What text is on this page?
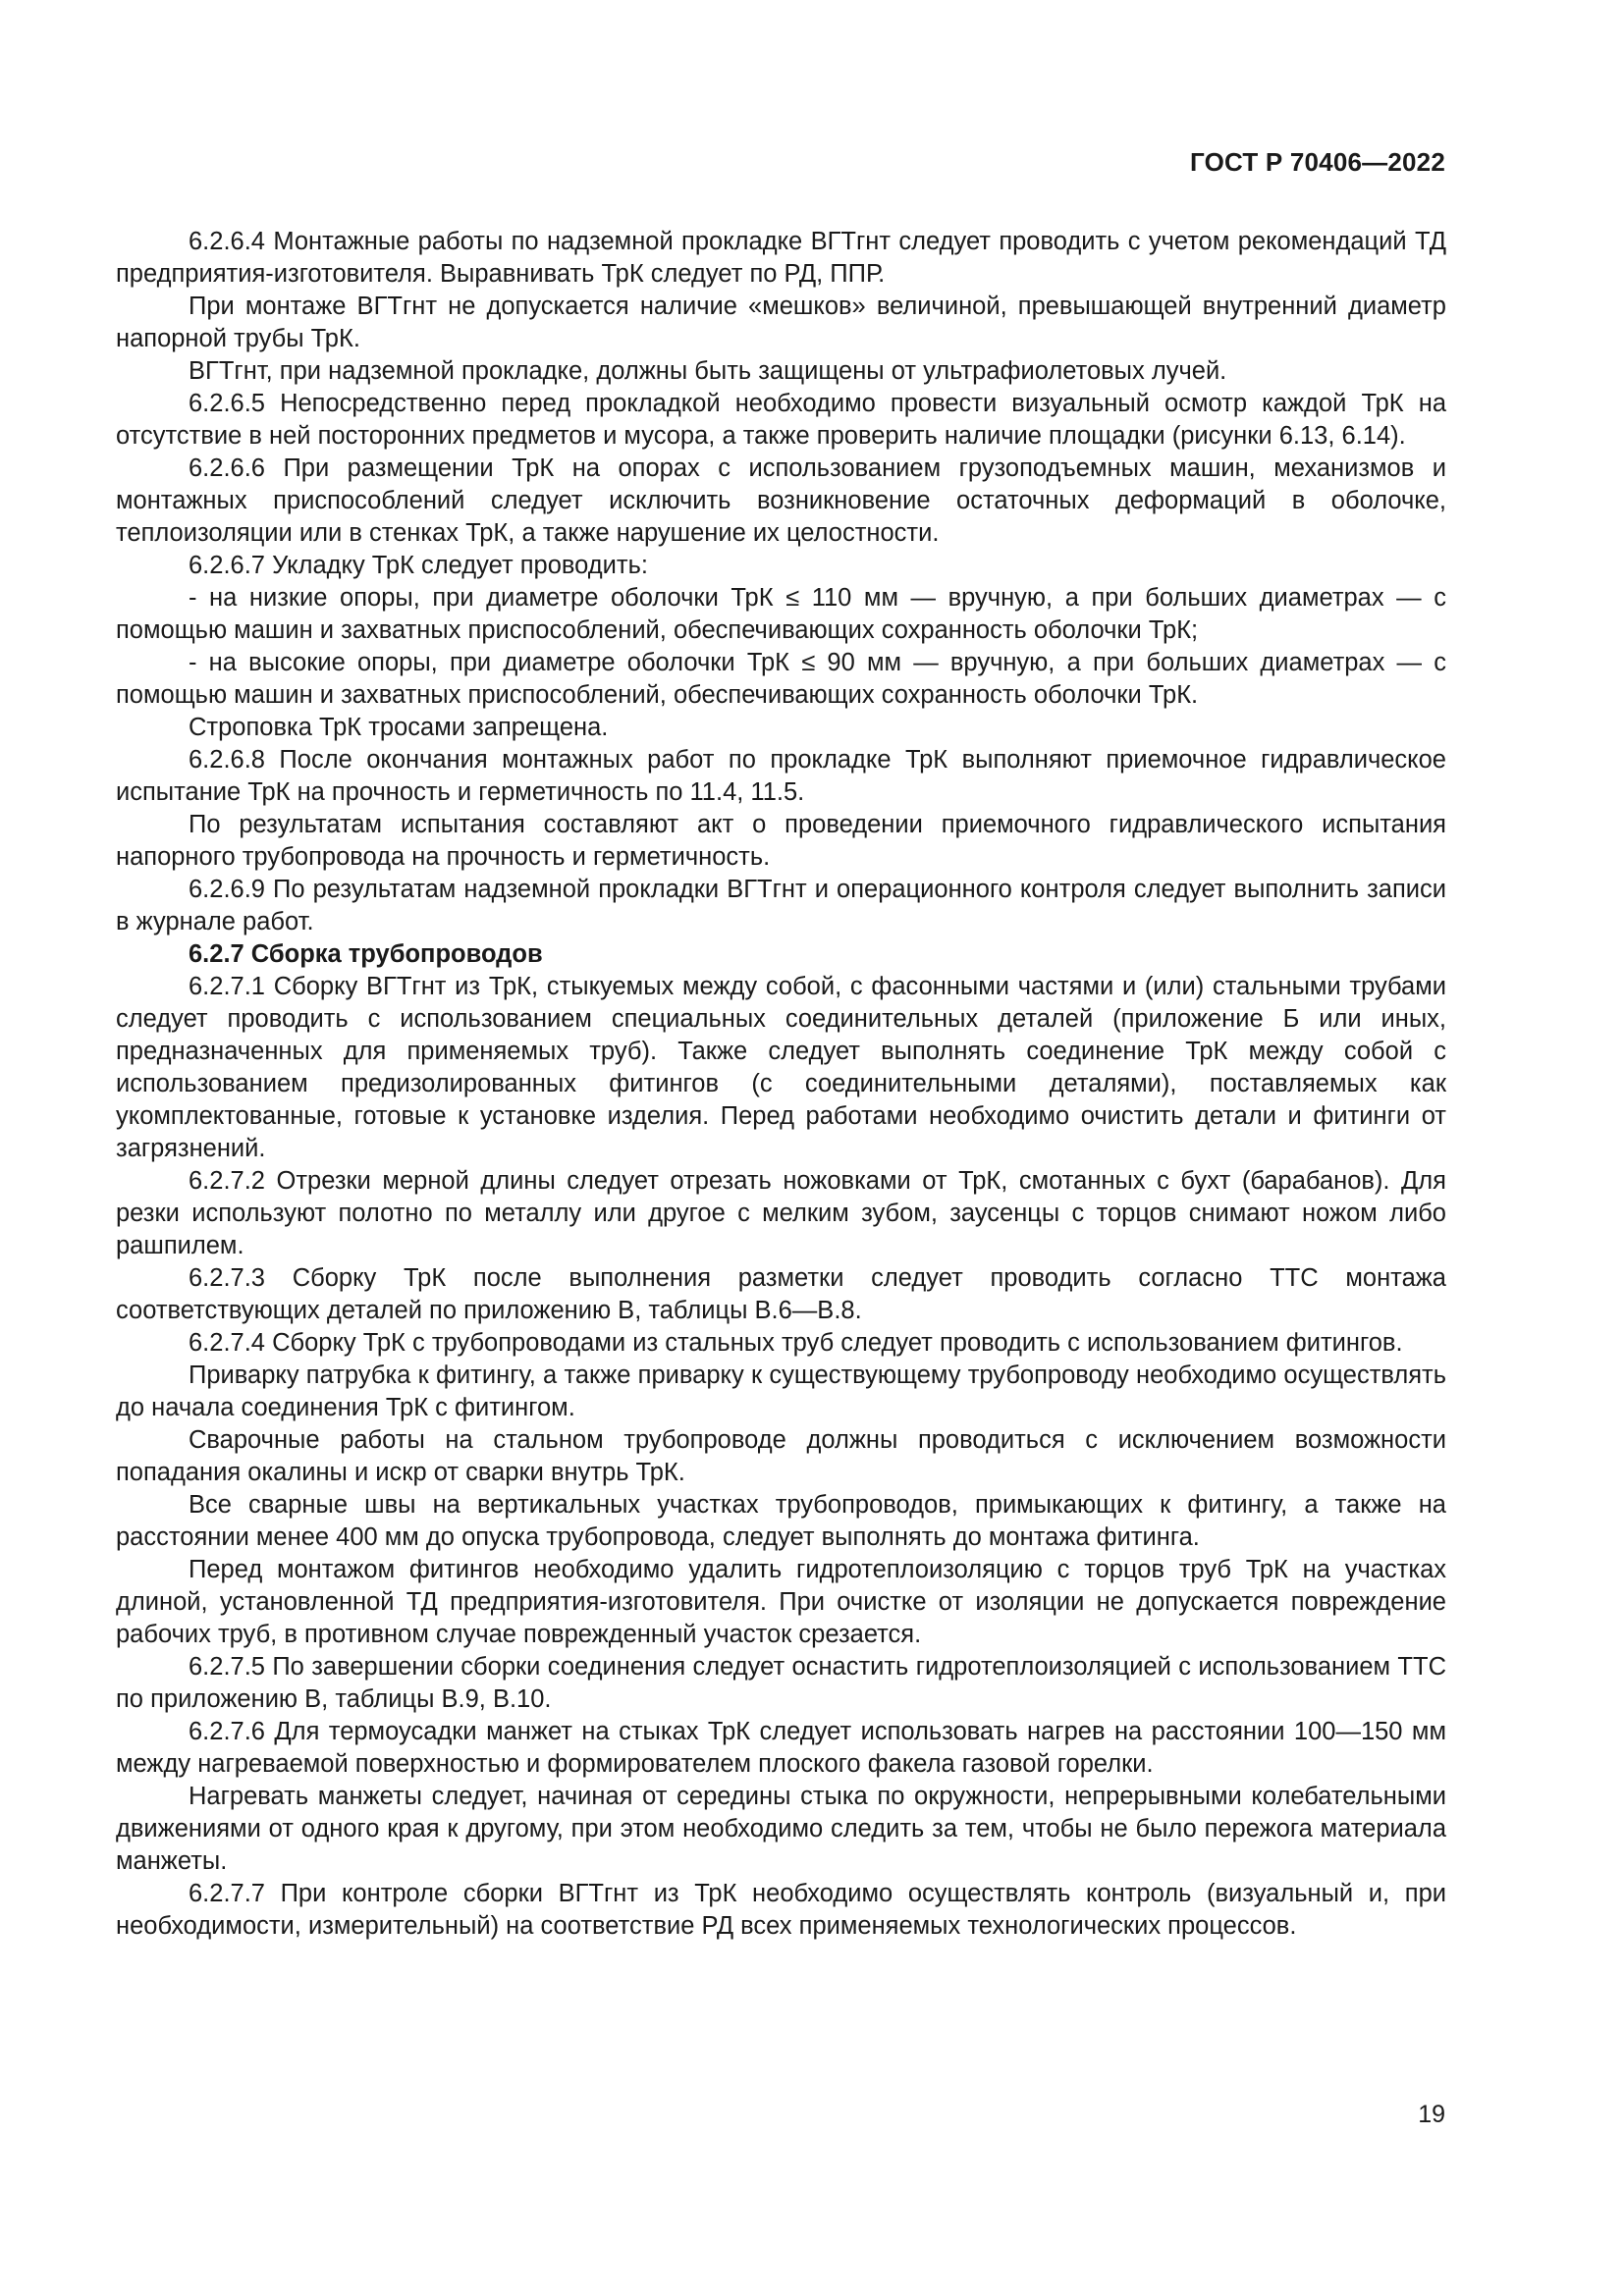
ГОСТ Р 70406—2022

6.2.6.4 Монтажные работы по надземной прокладке ВГТгнт следует проводить с учетом рекомендаций ТД предприятия-изготовителя. Выравнивать ТрК следует по РД, ППР.

При монтаже ВГТгнт не допускается наличие «мешков» величиной, превышающей внутренний диаметр напорной трубы ТрК.

ВГТгнт, при надземной прокладке, должны быть защищены от ультрафиолетовых лучей.

6.2.6.5 Непосредственно перед прокладкой необходимо провести визуальный осмотр каждой ТрК на отсутствие в ней посторонних предметов и мусора, а также проверить наличие площадки (рисунки 6.13, 6.14).

6.2.6.6 При размещении ТрК на опорах с использованием грузоподъемных машин, механизмов и монтажных приспособлений следует исключить возникновение остаточных деформаций в оболочке, теплоизоляции или в стенках ТрК, а также нарушение их целостности.

6.2.6.7 Укладку ТрК следует проводить:

- на низкие опоры, при диаметре оболочки ТрК ≤ 110 мм — вручную, а при больших диаметрах — с помощью машин и захватных приспособлений, обеспечивающих сохранность оболочки ТрК;

- на высокие опоры, при диаметре оболочки ТрК ≤ 90 мм — вручную, а при больших диаметрах — с помощью машин и захватных приспособлений, обеспечивающих сохранность оболочки ТрК.

Строповка ТрК тросами запрещена.

6.2.6.8 После окончания монтажных работ по прокладке ТрК выполняют приемочное гидравлическое испытание ТрК на прочность и герметичность по 11.4, 11.5.

По результатам испытания составляют акт о проведении приемочного гидравлического испытания напорного трубопровода на прочность и герметичность.

6.2.6.9 По результатам надземной прокладки ВГТгнт и операционного контроля следует выполнить записи в журнале работ.

6.2.7 Сборка трубопроводов

6.2.7.1 Сборку ВГТгнт из ТрК, стыкуемых между собой, с фасонными частями и (или) стальными трубами следует проводить с использованием специальных соединительных деталей (приложение Б или иных, предназначенных для применяемых труб). Также следует выполнять соединение ТрК между собой с использованием предизолированных фитингов (с соединительными деталями), поставляемых как укомплектованные, готовые к установке изделия. Перед работами необходимо очистить детали и фитинги от загрязнений.

6.2.7.2 Отрезки мерной длины следует отрезать ножовками от ТрК, смотанных с бухт (барабанов). Для резки используют полотно по металлу или другое с мелким зубом, заусенцы с торцов снимают ножом либо рашпилем.

6.2.7.3 Сборку ТрК после выполнения разметки следует проводить согласно ТТС монтажа соответствующих деталей по приложению В, таблицы В.6—В.8.

6.2.7.4 Сборку ТрК с трубопроводами из стальных труб следует проводить с использованием фитингов.

Приварку патрубка к фитингу, а также приварку к существующему трубопроводу необходимо осуществлять до начала соединения ТрК с фитингом.

Сварочные работы на стальном трубопроводе должны проводиться с исключением возможности попадания окалины и искр от сварки внутрь ТрК.

Все сварные швы на вертикальных участках трубопроводов, примыкающих к фитингу, а также на расстоянии менее 400 мм до опуска трубопровода, следует выполнять до монтажа фитинга.

Перед монтажом фитингов необходимо удалить гидротеплоизоляцию с торцов труб ТрК на участках длиной, установленной ТД предприятия-изготовителя. При очистке от изоляции не допускается повреждение рабочих труб, в противном случае поврежденный участок срезается.

6.2.7.5 По завершении сборки соединения следует оснастить гидротеплоизоляцией с использованием ТТС по приложению В, таблицы В.9, В.10.

6.2.7.6 Для термоусадки манжет на стыках ТрК следует использовать нагрев на расстоянии 100—150 мм между нагреваемой поверхностью и формирователем плоского факела газовой горелки.

Нагревать манжеты следует, начиная от середины стыка по окружности, непрерывными колебательными движениями от одного края к другому, при этом необходимо следить за тем, чтобы не было пережога материала манжеты.

6.2.7.7 При контроле сборки ВГТгнт из ТрК необходимо осуществлять контроль (визуальный и, при необходимости, измерительный) на соответствие РД всех применяемых технологических процессов.

19
